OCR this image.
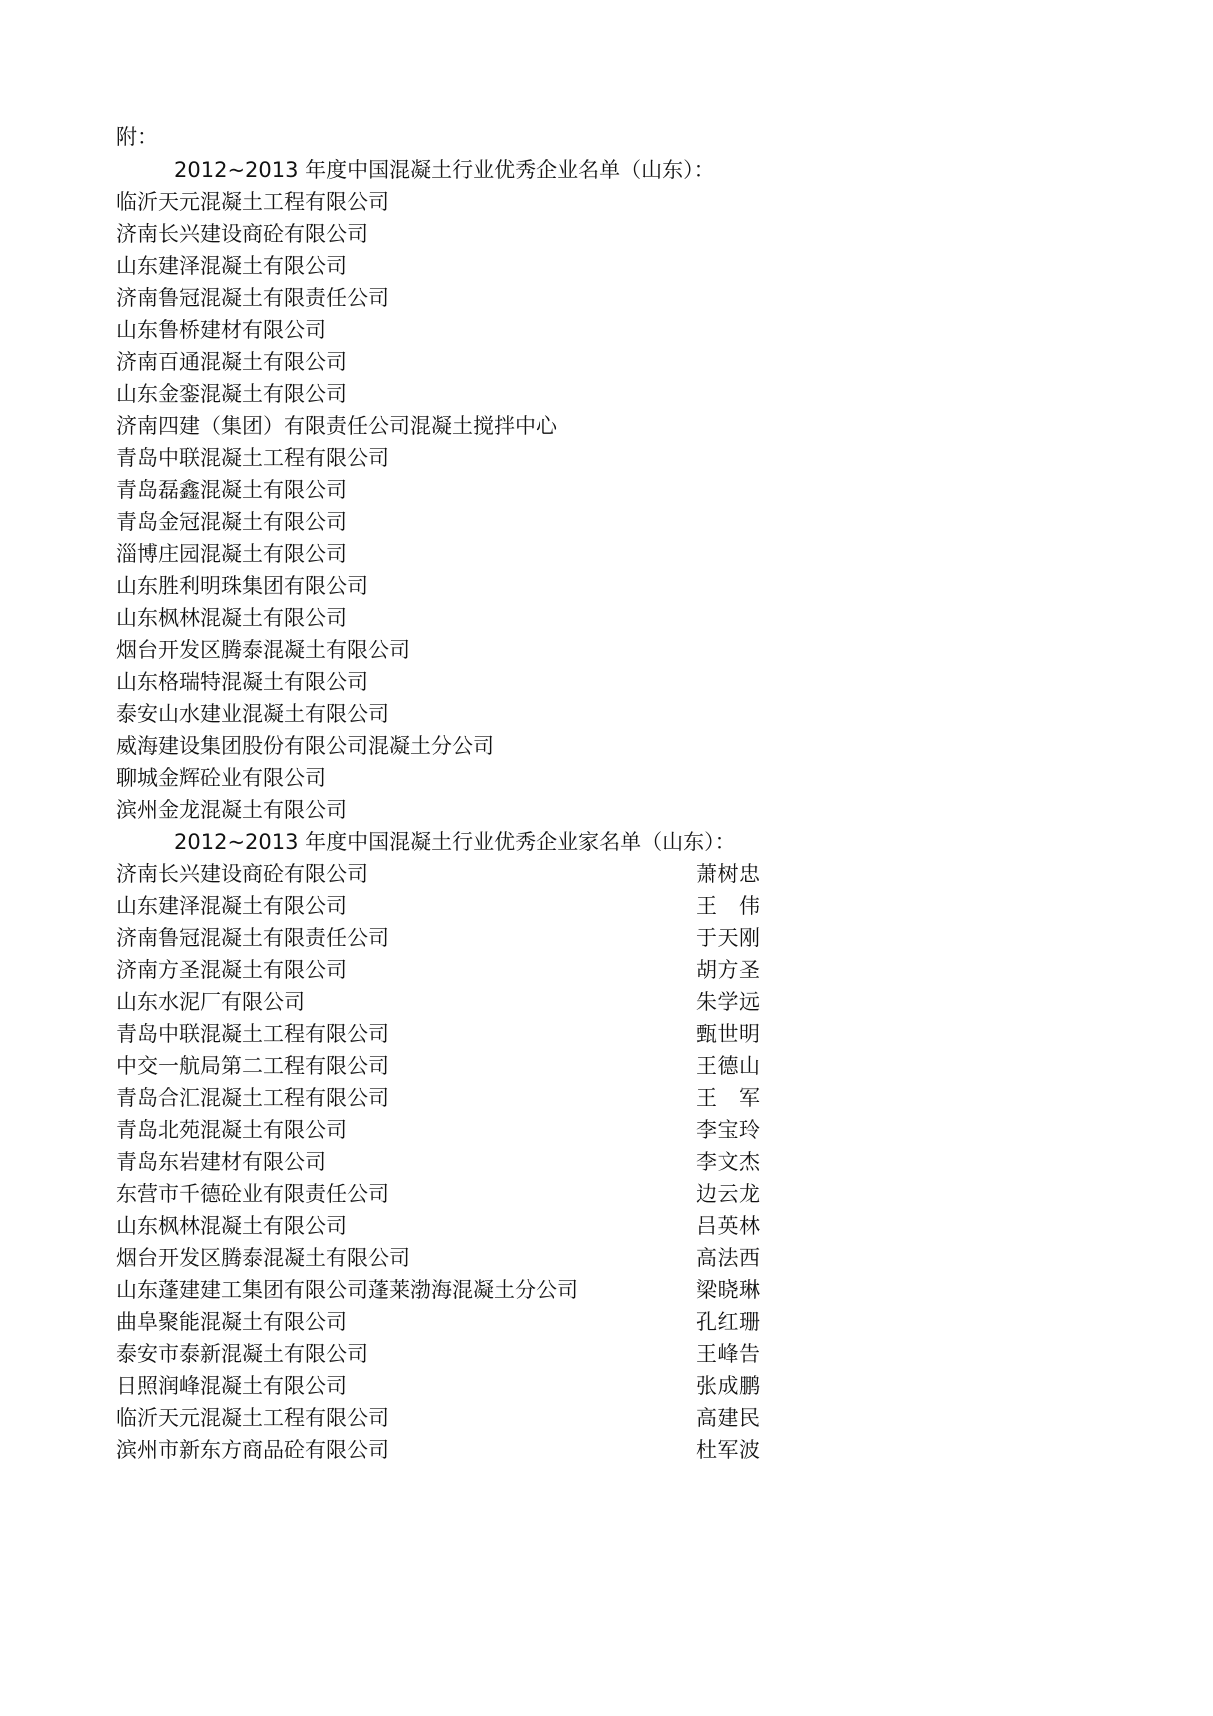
附：
2012~2013 年度中国混凝土行业优秀企业名单（山东）：
临沂天元混凝土工程有限公司
济南长兴建设商砼有限公司
山东建泽混凝土有限公司
济南鲁冠混凝土有限责任公司
山东鲁桥建材有限公司
济南百通混凝土有限公司
山东金銮混凝土有限公司
济南四建（集团）有限责任公司混凝土搅拌中心
青岛中联混凝土工程有限公司
青岛磊鑫混凝土有限公司
青岛金冠混凝土有限公司
淄博庄园混凝土有限公司
山东胜利明珠集团有限公司
山东枫林混凝土有限公司
烟台开发区腾泰混凝土有限公司
山东格瑞特混凝土有限公司
泰安山水建业混凝土有限公司
威海建设集团股份有限公司混凝土分公司
聊城金辉砼业有限公司
滨州金龙混凝土有限公司
2012~2013 年度中国混凝土行业优秀企业家名单（山东）：
济南长兴建设商砼有限公司	萧树忠
山东建泽混凝土有限公司	王　伟
济南鲁冠混凝土有限责任公司	于天刚
济南方圣混凝土有限公司	胡方圣
山东水泥厂有限公司	朱学远
青岛中联混凝土工程有限公司	甄世明
中交一航局第二工程有限公司	王德山
青岛合汇混凝土工程有限公司	王　军
青岛北苑混凝土有限公司	李宝玲
青岛东岩建材有限公司	李文杰
东营市千德砼业有限责任公司	边云龙
山东枫林混凝土有限公司	吕英林
烟台开发区腾泰混凝土有限公司	高法西
山东蓬建建工集团有限公司蓬莱渤海混凝土分公司	梁晓琳
曲阜聚能混凝土有限公司	孔红珊
泰安市泰新混凝土有限公司	王峰告
日照润峰混凝土有限公司	张成鹏
临沂天元混凝土工程有限公司	高建民
滨州市新东方商品砼有限公司	杜军波
